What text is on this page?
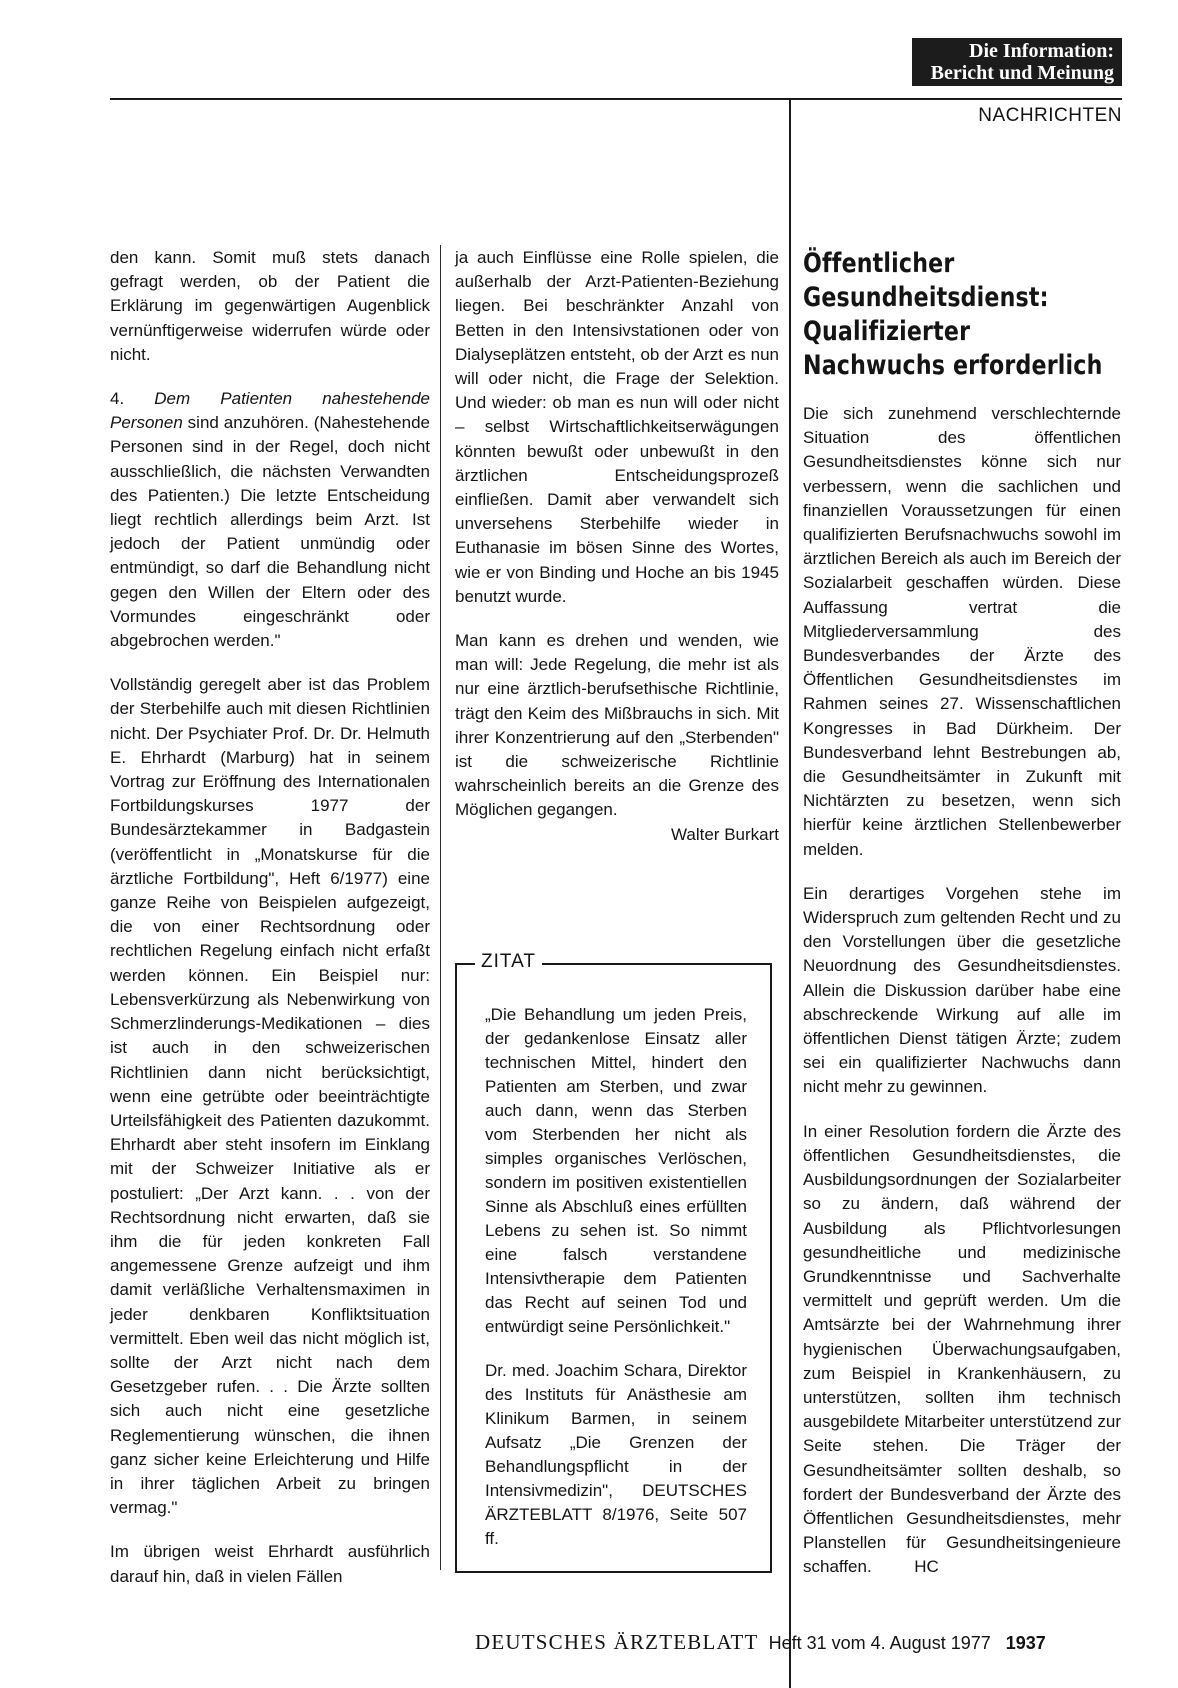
Die Information:
Bericht und Meinung
NACHRICHTEN

den kann. Somit muß stets danach gefragt werden, ob der Patient die Erklärung im gegenwärtigen Augenblick vernünftigerweise widerrufen würde oder nicht.

4. Dem Patienten nahestehende Personen sind anzuhören. (Nahestehende Personen sind in der Regel, doch nicht ausschließlich, die nächsten Verwandten des Patienten.) Die letzte Entscheidung liegt rechtlich allerdings beim Arzt. Ist jedoch der Patient unmündig oder entmündigt, so darf die Behandlung nicht gegen den Willen der Eltern oder des Vormundes eingeschränkt oder abgebrochen werden."

Vollständig geregelt aber ist das Problem der Sterbehilfe auch mit diesen Richtlinien nicht. Der Psychiater Prof. Dr. Dr. Helmuth E. Ehrhardt (Marburg) hat in seinem Vortrag zur Eröffnung des Internationalen Fortbildungskurses 1977 der Bundesärztekammer in Badgastein (veröffentlicht in „Monatskurse für die ärztliche Fortbildung", Heft 6/1977) eine ganze Reihe von Beispielen aufgezeigt, die von einer Rechtsordnung oder rechtlichen Regelung einfach nicht erfaßt werden können. Ein Beispiel nur: Lebensverkürzung als Nebenwirkung von Schmerzlinderungs-Medikationen – dies ist auch in den schweizerischen Richtlinien dann nicht berücksichtigt, wenn eine getrübte oder beeinträchtigte Urteilsfähigkeit des Patienten dazukommt. Ehrhardt aber steht insofern im Einklang mit der Schweizer Initiative als er postuliert: „Der Arzt kann. . . von der Rechtsordnung nicht erwarten, daß sie ihm die für jeden konkreten Fall angemessene Grenze aufzeigt und ihm damit verläßliche Verhaltensmaximen in jeder denkbaren Konfliktsituation vermittelt. Eben weil das nicht möglich ist, sollte der Arzt nicht nach dem Gesetzgeber rufen. . . Die Ärzte sollten sich auch nicht eine gesetzliche Reglementierung wünschen, die ihnen ganz sicher keine Erleichterung und Hilfe in ihrer täglichen Arbeit zu bringen vermag."

Im übrigen weist Ehrhardt ausführlich darauf hin, daß in vielen Fällen

ja auch Einflüsse eine Rolle spielen, die außerhalb der Arzt-Patienten-Beziehung liegen. Bei beschränkter Anzahl von Betten in den Intensivstationen oder von Dialyseplätzen entsteht, ob der Arzt es nun will oder nicht, die Frage der Selektion. Und wieder: ob man es nun will oder nicht – selbst Wirtschaftlichkeitserwägungen könnten bewußt oder unbewußt in den ärztlichen Entscheidungsprozeß einfließen. Damit aber verwandelt sich unversehens Sterbehilfe wieder in Euthanasie im bösen Sinne des Wortes, wie er von Binding und Hoche an bis 1945 benutzt wurde.

Man kann es drehen und wenden, wie man will: Jede Regelung, die mehr ist als nur eine ärztlich-berufsethische Richtlinie, trägt den Keim des Mißbrauchs in sich. Mit ihrer Konzentrierung auf den „Sterbenden" ist die schweizerische Richtlinie wahrscheinlich bereits an die Grenze des Möglichen gegangen.

Walter Burkart
ZITAT

„Die Behandlung um jeden Preis, der gedankenlose Einsatz aller technischen Mittel, hindert den Patienten am Sterben, und zwar auch dann, wenn das Sterben vom Sterbenden her nicht als simples organisches Verlöschen, sondern im positiven existentiellen Sinne als Abschluß eines erfüllten Lebens zu sehen ist. So nimmt eine falsch verstandene Intensivtherapie dem Patienten das Recht auf seinen Tod und entwürdigt seine Persönlichkeit."

Dr. med. Joachim Schara, Direktor des Instituts für Anästhesie am Klinikum Barmen, in seinem Aufsatz „Die Grenzen der Behandlungspflicht in der Intensivmedizin", DEUTSCHES ÄRZTEBLATT 8/1976, Seite 507 ff.

Öffentlicher
Gesundheitsdienst:
Qualifizierter
Nachwuchs erforderlich

Die sich zunehmend verschlechternde Situation des öffentlichen Gesundheitsdienstes könne sich nur verbessern, wenn die sachlichen und finanziellen Voraussetzungen für einen qualifizierten Berufsnachwuchs sowohl im ärztlichen Bereich als auch im Bereich der Sozialarbeit geschaffen würden. Diese Auffassung vertrat die Mitgliederversammlung des Bundesverbandes der Ärzte des Öffentlichen Gesundheitsdienstes im Rahmen seines 27. Wissenschaftlichen Kongresses in Bad Dürkheim. Der Bundesverband lehnt Bestrebungen ab, die Gesundheitsämter in Zukunft mit Nichtärzten zu besetzen, wenn sich hierfür keine ärztlichen Stellenbewerber melden.

Ein derartiges Vorgehen stehe im Widerspruch zum geltenden Recht und zu den Vorstellungen über die gesetzliche Neuordnung des Gesundheitsdienstes. Allein die Diskussion darüber habe eine abschreckende Wirkung auf alle im öffentlichen Dienst tätigen Ärzte; zudem sei ein qualifizierter Nachwuchs dann nicht mehr zu gewinnen.

In einer Resolution fordern die Ärzte des öffentlichen Gesundheitsdienstes, die Ausbildungsordnungen der Sozialarbeiter so zu ändern, daß während der Ausbildung als Pflichtvorlesungen gesundheitliche und medizinische Grundkenntnisse und Sachverhalte vermittelt und geprüft werden. Um die Amtsärzte bei der Wahrnehmung ihrer hygienischen Überwachungsaufgaben, zum Beispiel in Krankenhäusern, zu unterstützen, sollten ihm technisch ausgebildete Mitarbeiter unterstützend zur Seite stehen. Die Träger der Gesundheitsämter sollten deshalb, so fordert der Bundesverband der Ärzte des Öffentlichen Gesundheitsdienstes, mehr Planstellen für Gesundheitsingenieure schaffen.	HC

DEUTSCHES ÄRZTEBLATT Heft 31 vom 4. August 1977 1937
